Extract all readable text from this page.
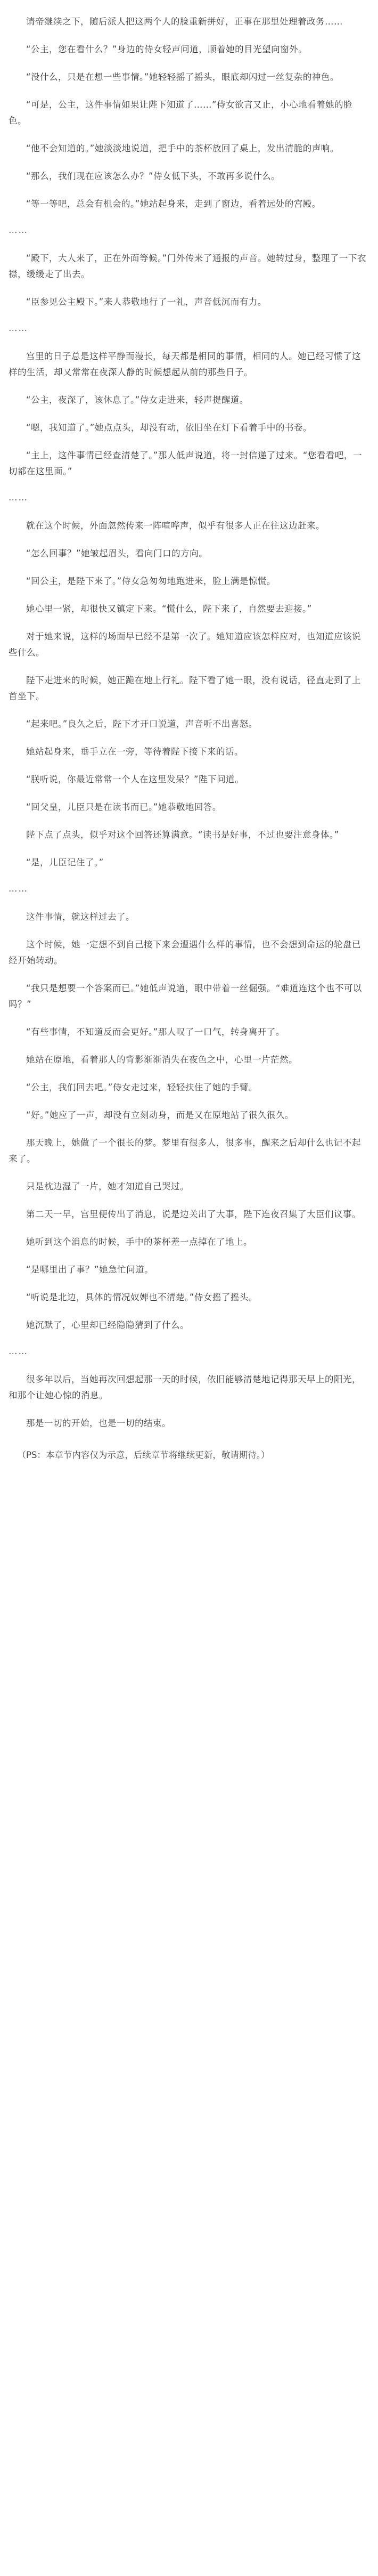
请帝继续之下，随后派人把这两个人的脸重新拼好，正事在那里处理着政务……

“公主，您在看什么？”身边的侍女轻声问道，顺着她的目光望向窗外。

“没什么，只是在想一些事情。”她轻轻摇了摇头，眼底却闪过一丝复杂的神色。

“可是，公主，这件事情如果让陛下知道了……”侍女欲言又止，小心地看着她的脸色。

“他不会知道的。”她淡淡地说道，把手中的茶杯放回了桌上，发出清脆的声响。

“那么，我们现在应该怎么办？”侍女低下头，不敢再多说什么。

“等一等吧，总会有机会的。”她站起身来，走到了窗边，看着远处的宫殿。

……

“殿下，大人来了，正在外面等候。”门外传来了通报的声音。她转过身，整理了一下衣襟，缓缓走了出去。

“臣参见公主殿下。”来人恭敬地行了一礼，声音低沉而有力。

……

宫里的日子总是这样平静而漫长，每天都是相同的事情，相同的人。她已经习惯了这样的生活，却又常常在夜深人静的时候想起从前的那些日子。

“公主，夜深了，该休息了。”侍女走进来，轻声提醒道。

“嗯，我知道了。”她点点头，却没有动，依旧坐在灯下看着手中的书卷。

“主上，这件事情已经查清楚了。”那人低声说道，将一封信递了过来。“您看看吧，一切都在这里面。”

……

就在这个时候，外面忽然传来一阵喧哗声，似乎有很多人正在往这边赶来。

“怎么回事？”她皱起眉头，看向门口的方向。

“回公主，是陛下来了。”侍女急匆匆地跑进来，脸上满是惊慌。

她心里一紧，却很快又镇定下来。“慌什么，陛下来了，自然要去迎接。”

对于她来说，这样的场面早已经不是第一次了。她知道应该怎样应对，也知道应该说些什么。

陛下走进来的时候，她正跪在地上行礼。陛下看了她一眼，没有说话，径直走到了上首坐下。

“起来吧。”良久之后，陛下才开口说道，声音听不出喜怒。

她站起身来，垂手立在一旁，等待着陛下接下来的话。

“朕听说，你最近常常一个人在这里发呆？”陛下问道。

“回父皇，儿臣只是在读书而已。”她恭敬地回答。

陛下点了点头，似乎对这个回答还算满意。“读书是好事，不过也要注意身体。”

“是，儿臣记住了。”

……

这件事情，就这样过去了。

这个时候，她一定想不到自己接下来会遭遇什么样的事情，也不会想到命运的轮盘已经开始转动。

“我只是想要一个答案而已。”她低声说道，眼中带着一丝倔强。“难道连这个也不可以吗？”

“有些事情，不知道反而会更好。”那人叹了一口气，转身离开了。

她站在原地，看着那人的背影渐渐消失在夜色之中，心里一片茫然。

“公主，我们回去吧。”侍女走过来，轻轻扶住了她的手臂。

“好。”她应了一声，却没有立刻动身，而是又在原地站了很久很久。

那天晚上，她做了一个很长的梦。梦里有很多人，很多事，醒来之后却什么也记不起来了。

只是枕边湿了一片，她才知道自己哭过。

第二天一早，宫里便传出了消息，说是边关出了大事，陛下连夜召集了大臣们议事。

她听到这个消息的时候，手中的茶杯差一点掉在了地上。

“是哪里出了事？”她急忙问道。

“听说是北边，具体的情况奴婢也不清楚。”侍女摇了摇头。

她沉默了，心里却已经隐隐猜到了什么。

……

很多年以后，当她再次回想起那一天的时候，依旧能够清楚地记得那天早上的阳光，和那个让她心惊的消息。

那是一切的开始，也是一切的结束。

（PS：本章节内容仅为示意，后续章节将继续更新，敬请期待。）
